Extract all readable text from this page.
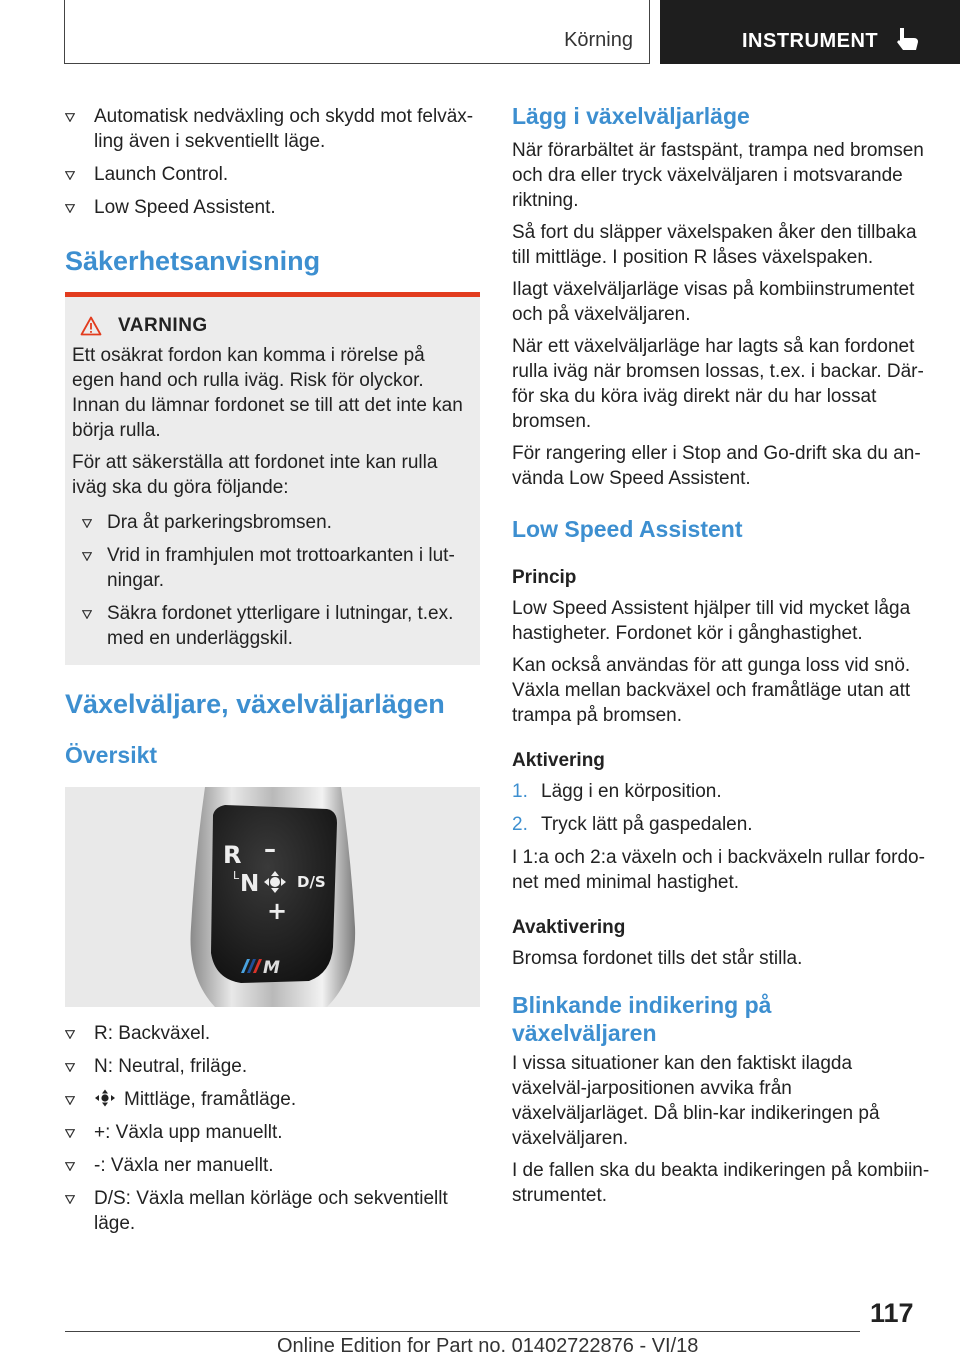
Körning	INSTRUMENT
Automatisk nedväxling och skydd mot felväx-ling även i sekventiellt läge.
Launch Control.
Low Speed Assistent.
Säkerhetsanvisning
VARNING

Ett osäkrat fordon kan komma i rörelse på egen hand och rulla iväg. Risk för olyckor. Innan du lämnar fordonet se till att det inte kan börja rulla.

För att säkerställa att fordonet inte kan rulla iväg ska du göra följande:

Dra åt parkeringsbromsen.
Vrid in framhjulen mot trottoarkanten i lut-ningar.
Säkra fordonet ytterligare i lutningar, t.ex. med en underläggskil.
Växelväljare, växelväljarlägen
Översikt
R –
L N	D/S
+
M
R: Backväxel.
N: Neutral, friläge.
Mittläge, framåtläge.
+: Växla upp manuellt.
-: Växla ner manuellt.
D/S: Växla mellan körläge och sekventiellt läge.
Lägg i växelväljarläge

När förarbältet är fastspänt, trampa ned bromsen och dra eller tryck växelväljaren i motsvarande riktning.

Så fort du släpper växelspaken åker den tillbaka till mittläge. I position R låses växelspaken.

Ilagt växelväljarläge visas på kombiinstrumentet och på växelväljaren.

När ett växelväljarläge har lagts så kan fordonet rulla iväg när bromsen lossas, t.ex. i backar. Där-för ska du köra iväg direkt när du har lossat bromsen.

För rangering eller i Stop and Go-drift ska du an-vända Low Speed Assistent.

Low Speed Assistent
Princip

Low Speed Assistent hjälper till vid mycket låga hastigheter. Fordonet kör i gånghastighet.

Kan också användas för att gunga loss vid snö. Växla mellan backväxel och framåtläge utan att trampa på bromsen.

Aktivering
1. Lägg i en körposition.
2. Tryck lätt på gaspedalen.

I 1:a och 2:a växeln och i backväxeln rullar fordo-net med minimal hastighet.

Avaktivering

Bromsa fordonet tills det står stilla.

Blinkande indikering på växelväljaren

I vissa situationer kan den faktiskt ilagda växelväl-jarpositionen avvika från växelväljarläget. Då blin-kar indikeringen på växelväljaren.

I de fallen ska du beakta indikeringen på kombiin-strumentet.

117
Online Edition for Part no. 01402722876 - VI/18
